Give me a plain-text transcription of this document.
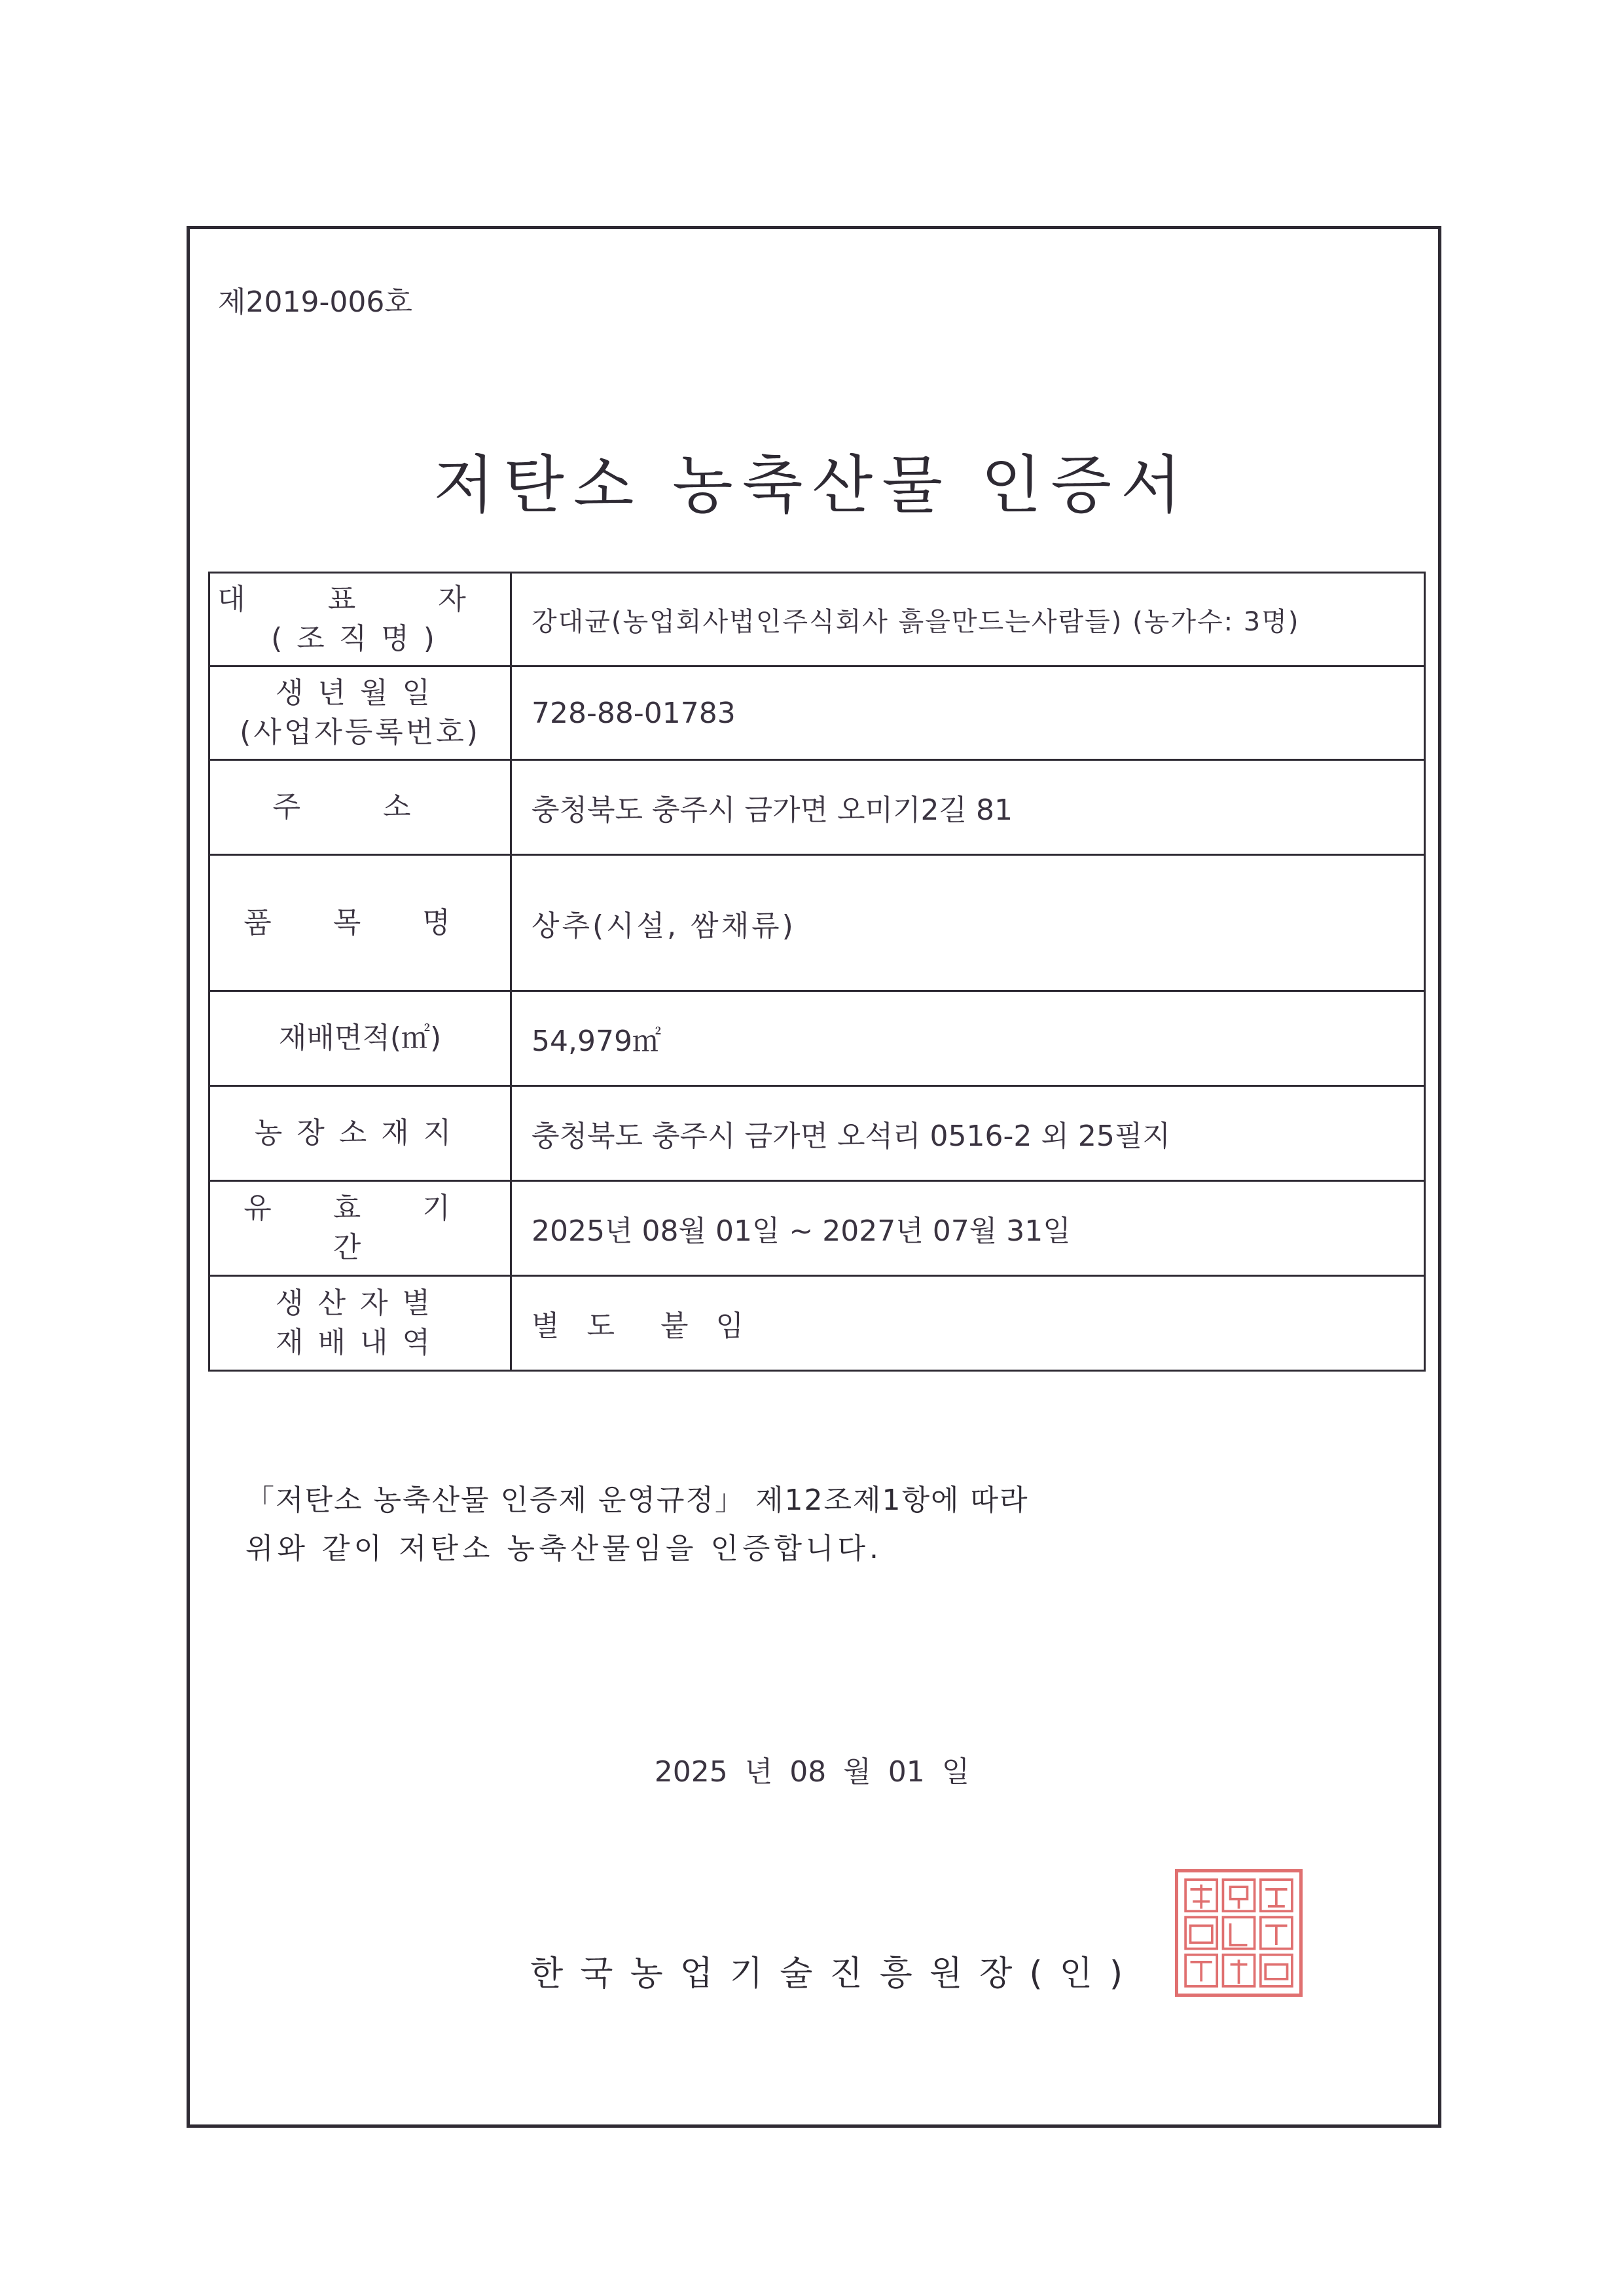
제2019-006호
저탄소 농축산물 인증서
대 표 자
(조직명)	강대균(농업회사법인주식회사 흙을만드는사람들) (농가수: 3명)

생년월일
(사업자등록번호)	728-88-01783
주 소	충청북도 충주시 금가면 오미기2길 81
품 목 명	상추(시설, 쌈채류)
재배면적(㎡)	54,979㎡
농장소재지	충청북도 충주시 금가면 오석리 0516-2 외 25필지
유 효 기 간	2025년 08월 01일 ~ 2027년 07월 31일

생산자별
재배내역	별 도  붙 임
「저탄소 농축산물 인증제 운영규정」 제12조제1항에 따라
위와 같이 저탄소 농축산물임을 인증합니다.
2025 년 08 월 01 일
한국농업기술진흥원장(인)
